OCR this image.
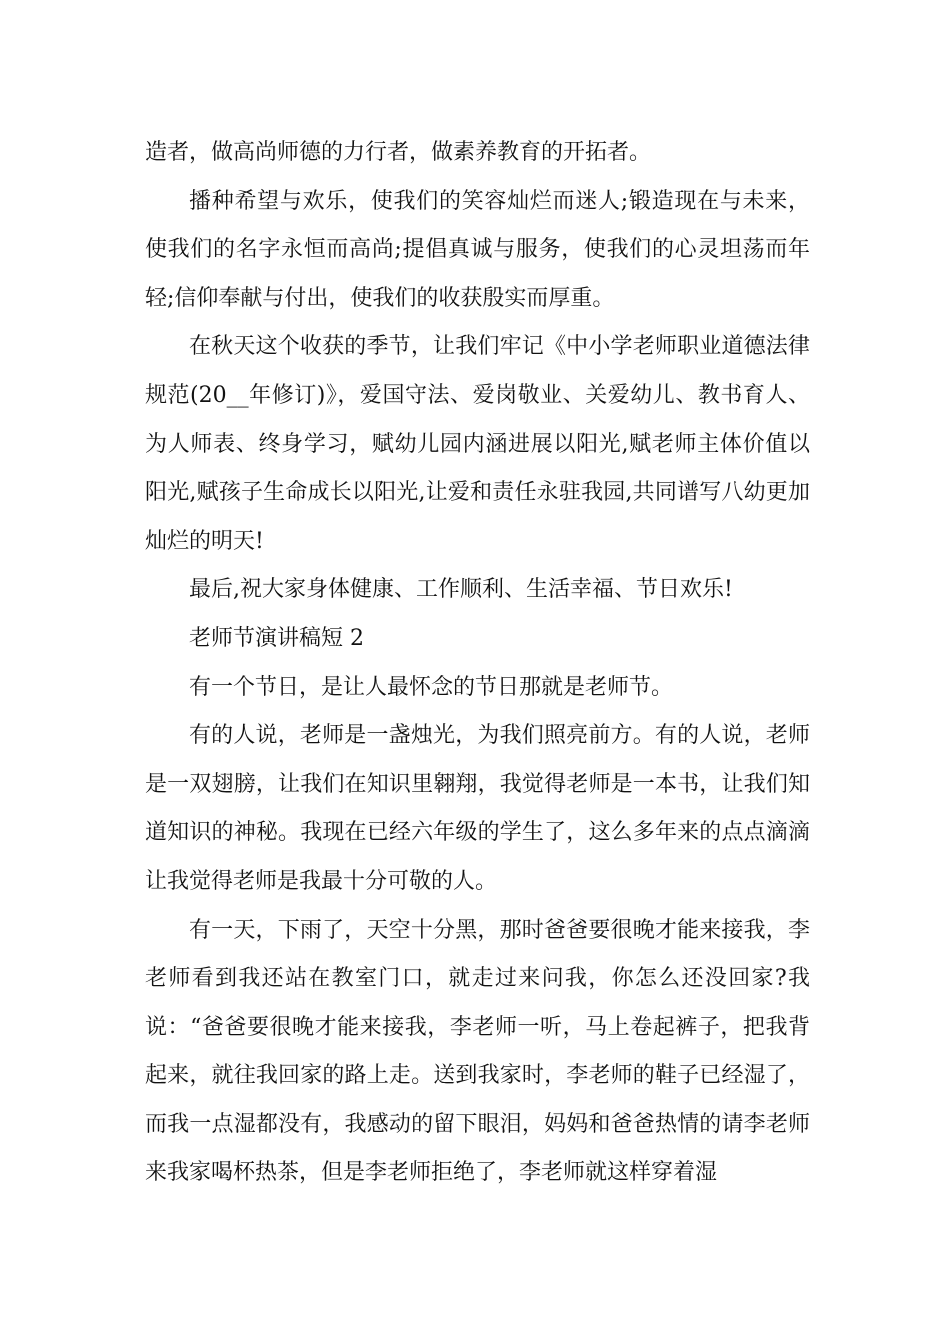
造者，做高尚师德的力行者，做素养教育的开拓者。

播种希望与欢乐，使我们的笑容灿烂而迷人;锻造现在与未来，使我们的名字永恒而高尚;提倡真诚与服务，使我们的心灵坦荡而年轻;信仰奉献与付出，使我们的收获殷实而厚重。

在秋天这个收获的季节，让我们牢记《中小学老师职业道德法律规范(20__年修订)》，爱国守法、爱岗敬业、关爱幼儿、教书育人、为人师表、终身学习，赋幼儿园内涵进展以阳光,赋老师主体价值以阳光,赋孩子生命成长以阳光,让爱和责任永驻我园,共同谱写八幼更加灿烂的明天!

最后,祝大家身体健康、工作顺利、生活幸福、节日欢乐!

老师节演讲稿短 2

有一个节日，是让人最怀念的节日那就是老师节。

有的人说，老师是一盏烛光，为我们照亮前方。有的人说，老师是一双翅膀，让我们在知识里翱翔，我觉得老师是一本书，让我们知道知识的神秘。我现在已经六年级的学生了，这么多年来的点点滴滴让我觉得老师是我最十分可敬的人。

有一天，下雨了，天空十分黑，那时爸爸要很晚才能来接我，李老师看到我还站在教室门口，就走过来问我，你怎么还没回家?我说：“爸爸要很晚才能来接我，李老师一听，马上卷起裤子，把我背起来，就往我回家的路上走。送到我家时，李老师的鞋子已经湿了，而我一点湿都没有，我感动的留下眼泪，妈妈和爸爸热情的请李老师来我家喝杯热茶，但是李老师拒绝了，李老师就这样穿着湿
